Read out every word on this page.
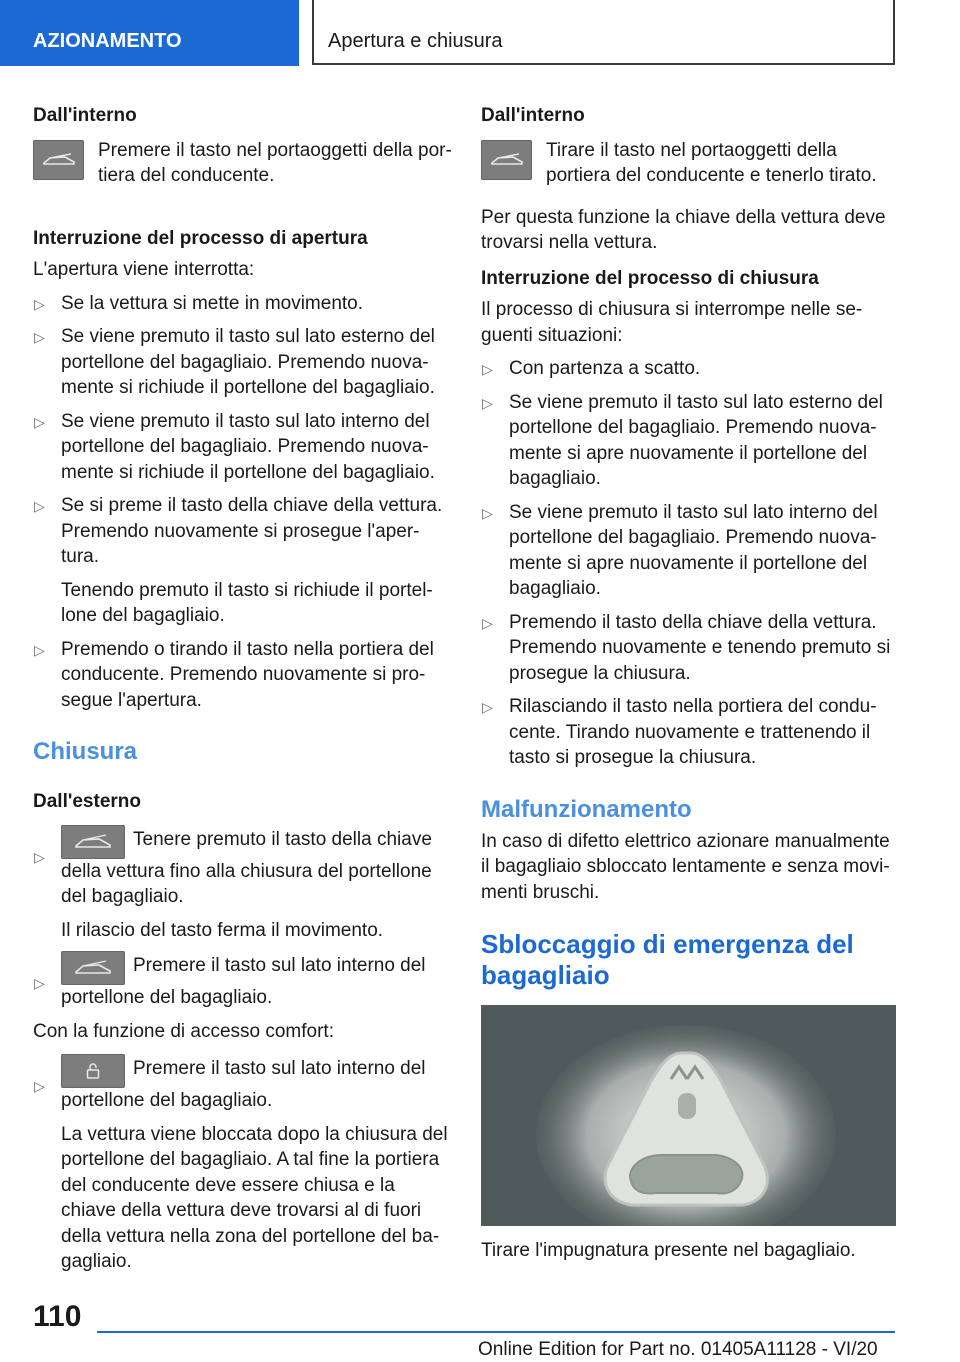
AZIONAMENTO	Apertura e chiusura
Dall'interno

Premere il tasto nel portaoggetti della por-tiera del conducente.

Interruzione del processo di apertura

L'apertura viene interrotta:

▷ Se la vettura si mette in movimento.
▷ Se viene premuto il tasto sul lato esterno del portellone del bagagliaio. Premendo nuova-mente si richiude il portellone del bagagliaio.
▷ Se viene premuto il tasto sul lato interno del portellone del bagagliaio. Premendo nuova-mente si richiude il portellone del bagagliaio.
▷ Se si preme il tasto della chiave della vettura. Premendo nuovamente si prosegue l'aper-tura.

Tenendo premuto il tasto si richiude il portel-lone del bagagliaio.

▷ Premendo o tirando il tasto nella portiera del conducente. Premendo nuovamente si pro-segue l'apertura.
Chiusura
Dall'esterno
▷
Tenere premuto il tasto della chiave della vettura fino alla chiusura del portellone del bagagliaio.

Il rilascio del tasto ferma il movimento.

▷
Premere il tasto sul lato interno del portellone del bagagliaio.

Con la funzione di accesso comfort:

▷
Premere il tasto sul lato interno del portellone del bagagliaio.

La vettura viene bloccata dopo la chiusura del portellone del bagagliaio. A tal fine la portiera del conducente deve essere chiusa e la chiave della vettura deve trovarsi al di fuori della vettura nella zona del portellone del ba-gagliaio.

Dall'interno

Tirare il tasto nel portaoggetti della portiera del conducente e tenerlo tirato.

Per questa funzione la chiave della vettura deve trovarsi nella vettura.

Interruzione del processo di chiusura

Il processo di chiusura si interrompe nelle se-guenti situazioni:

▷ Con partenza a scatto.
▷ Se viene premuto il tasto sul lato esterno del portellone del bagagliaio. Premendo nuova-mente si apre nuovamente il portellone del bagagliaio.
▷ Se viene premuto il tasto sul lato interno del portellone del bagagliaio. Premendo nuova-mente si apre nuovamente il portellone del bagagliaio.
▷ Premendo il tasto della chiave della vettura. Premendo nuovamente e tenendo premuto si prosegue la chiusura.
▷ Rilasciando il tasto nella portiera del condu-cente. Tirando nuovamente e trattenendo il tasto si prosegue la chiusura.
Malfunzionamento

In caso di difetto elettrico azionare manualmente il bagagliaio sbloccato lentamente e senza movi-menti bruschi.

Sbloccaggio di emergenza del bagagliaio

Tirare l'impugnatura presente nel bagagliaio.

110
Online Edition for Part no. 01405A11128 - VI/20
